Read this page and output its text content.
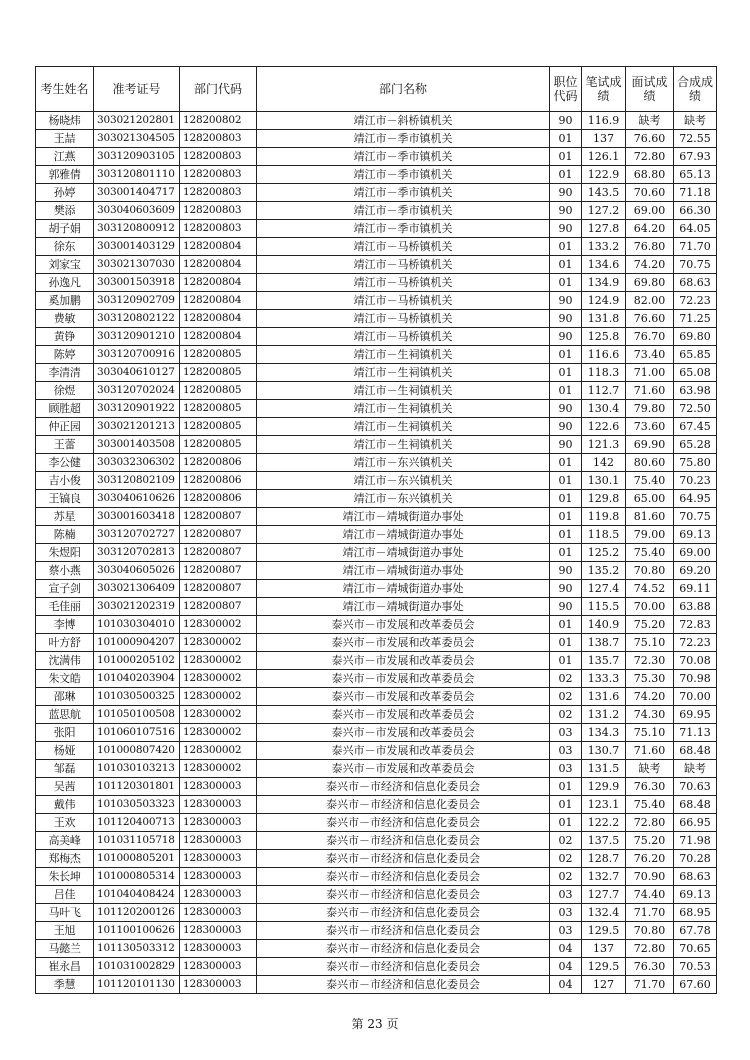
考生姓名	准考证号	部门代码	部门名称	职位代码	笔试成绩	面试成绩	合成成绩
杨晓炜	303021202801	128200802	靖江市－斜桥镇机关	90	116.9	缺考	缺考
王喆	303021304505	128200803	靖江市－季市镇机关	01	137	76.60	72.55
江燕	303120903105	128200803	靖江市－季市镇机关	01	126.1	72.80	67.93
郭雅倩	303120801110	128200803	靖江市－季市镇机关	01	122.9	68.80	65.13
孙婷	303001404717	128200803	靖江市－季市镇机关	90	143.5	70.60	71.18
樊添	303040603609	128200803	靖江市－季市镇机关	90	127.2	69.00	66.30
胡子娟	303120800912	128200803	靖江市－季市镇机关	90	127.8	64.20	64.05
徐东	303001403129	128200804	靖江市－马桥镇机关	01	133.2	76.80	71.70
刘家宝	303021307030	128200804	靖江市－马桥镇机关	01	134.6	74.20	70.75
孙逸凡	303001503918	128200804	靖江市－马桥镇机关	01	134.9	69.80	68.63
奚加鹏	303120902709	128200804	靖江市－马桥镇机关	90	124.9	82.00	72.23
费敏	303120802122	128200804	靖江市－马桥镇机关	90	131.8	76.60	71.25
黄铮	303120901210	128200804	靖江市－马桥镇机关	90	125.8	76.70	69.80
陈婷	303120700916	128200805	靖江市－生祠镇机关	01	116.6	73.40	65.85
李清清	303040610127	128200805	靖江市－生祠镇机关	01	118.3	71.00	65.08
徐煜	303120702024	128200805	靖江市－生祠镇机关	01	112.7	71.60	63.98
顾胜超	303120901922	128200805	靖江市－生祠镇机关	90	130.4	79.80	72.50
仲正园	303021201213	128200805	靖江市－生祠镇机关	90	122.6	73.60	67.45
王蕾	303001403508	128200805	靖江市－生祠镇机关	90	121.3	69.90	65.28
李公健	303032306302	128200806	靖江市－东兴镇机关	01	142	80.60	75.80
吉小俊	303120802109	128200806	靖江市－东兴镇机关	01	130.1	75.40	70.23
王镐良	303040610626	128200806	靖江市－东兴镇机关	01	129.8	65.00	64.95
苏星	303001603418	128200807	靖江市－靖城街道办事处	01	119.8	81.60	70.75
陈楠	303120702727	128200807	靖江市－靖城街道办事处	01	118.5	79.00	69.13
朱煜阳	303120702813	128200807	靖江市－靖城街道办事处	01	125.2	75.40	69.00
蔡小燕	303040605026	128200807	靖江市－靖城街道办事处	90	135.2	70.80	69.20
宣子剑	303021306409	128200807	靖江市－靖城街道办事处	90	127.4	74.52	69.11
毛佳丽	303021202319	128200807	靖江市－靖城街道办事处	90	115.5	70.00	63.88
李博	101030304010	128300002	泰兴市－市发展和改革委员会	01	140.9	75.20	72.83
叶方舒	101000904207	128300002	泰兴市－市发展和改革委员会	01	138.7	75.10	72.23
沈满伟	101000205102	128300002	泰兴市－市发展和改革委员会	01	135.7	72.30	70.08
朱文皓	101040203904	128300002	泰兴市－市发展和改革委员会	02	133.3	75.30	70.98
邵琳	101030500325	128300002	泰兴市－市发展和改革委员会	02	131.6	74.20	70.00
蓝思航	101050100508	128300002	泰兴市－市发展和改革委员会	02	131.2	74.30	69.95
张阳	101060107516	128300002	泰兴市－市发展和改革委员会	03	134.3	75.10	71.13
杨娅	101000807420	128300002	泰兴市－市发展和改革委员会	03	130.7	71.60	68.48
邹磊	101030103213	128300002	泰兴市－市发展和改革委员会	03	131.5	缺考	缺考
吴茜	101120301801	128300003	泰兴市－市经济和信息化委员会	01	129.9	76.30	70.63
戴伟	101030503323	128300003	泰兴市－市经济和信息化委员会	01	123.1	75.40	68.48
王欢	101120400713	128300003	泰兴市－市经济和信息化委员会	01	122.2	72.80	66.95
高美峰	101031105718	128300003	泰兴市－市经济和信息化委员会	02	137.5	75.20	71.98
郑梅杰	101000805201	128300003	泰兴市－市经济和信息化委员会	02	128.7	76.20	70.28
朱长坤	101000805314	128300003	泰兴市－市经济和信息化委员会	02	132.7	70.90	68.63
吕佳	101040408424	128300003	泰兴市－市经济和信息化委员会	03	127.7	74.40	69.13
马叶飞	101120200126	128300003	泰兴市－市经济和信息化委员会	03	132.4	71.70	68.95
王旭	101100100626	128300003	泰兴市－市经济和信息化委员会	03	129.5	70.80	67.78
马懿兰	101130503312	128300003	泰兴市－市经济和信息化委员会	04	137	72.80	70.65
崔永昌	101031002829	128300003	泰兴市－市经济和信息化委员会	04	129.5	76.30	70.53
季慧	101120101130	128300003	泰兴市－市经济和信息化委员会	04	127	71.70	67.60
第 23 页
